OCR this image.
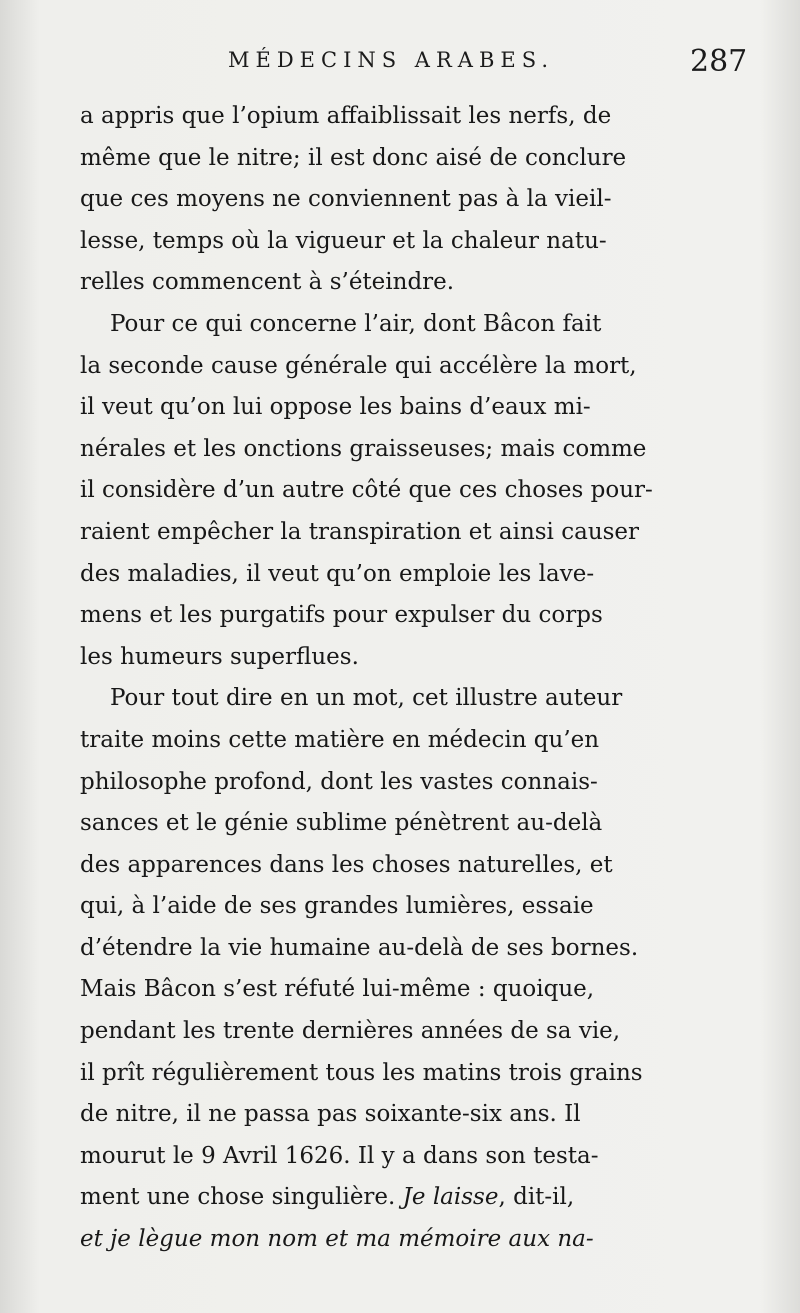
MÉDECINS ARABES.	287
a appris que l’opium affaiblissait les nerfs, de
même que le nitre; il est donc aisé de conclure
que ces moyens ne conviennent pas à la vieil-
lesse, temps où la vigueur et la chaleur natu-
relles commencent à s’éteindre.
Pour ce qui concerne l’air, dont Bâcon fait
la seconde cause générale qui accélère la mort,
il veut qu’on lui oppose les bains d’eaux mi-
nérales et les onctions graisseuses; mais comme
il considère d’un autre côté que ces choses pour-
raient empêcher la transpiration et ainsi causer
des maladies, il veut qu’on emploie les lave-
mens et les purgatifs pour expulser du corps
les humeurs superflues.
Pour tout dire en un mot, cet illustre auteur
traite moins cette matière en médecin qu’en
philosophe profond, dont les vastes connais-
sances et le génie sublime pénètrent au-delà
des apparences dans les choses naturelles, et
qui, à l’aide de ses grandes lumières, essaie
d’étendre la vie humaine au-delà de ses bornes.
Mais Bâcon s’est réfuté lui-même : quoique,
pendant les trente dernières années de sa vie,
il prît régulièrement tous les matins trois grains
de nitre, il ne passa pas soixante-six ans. Il
mourut le 9 Avril 1626. Il y a dans son testa-
ment une chose singulière. Je laisse, dit-il,
et je lègue mon nom et ma mémoire aux na-
